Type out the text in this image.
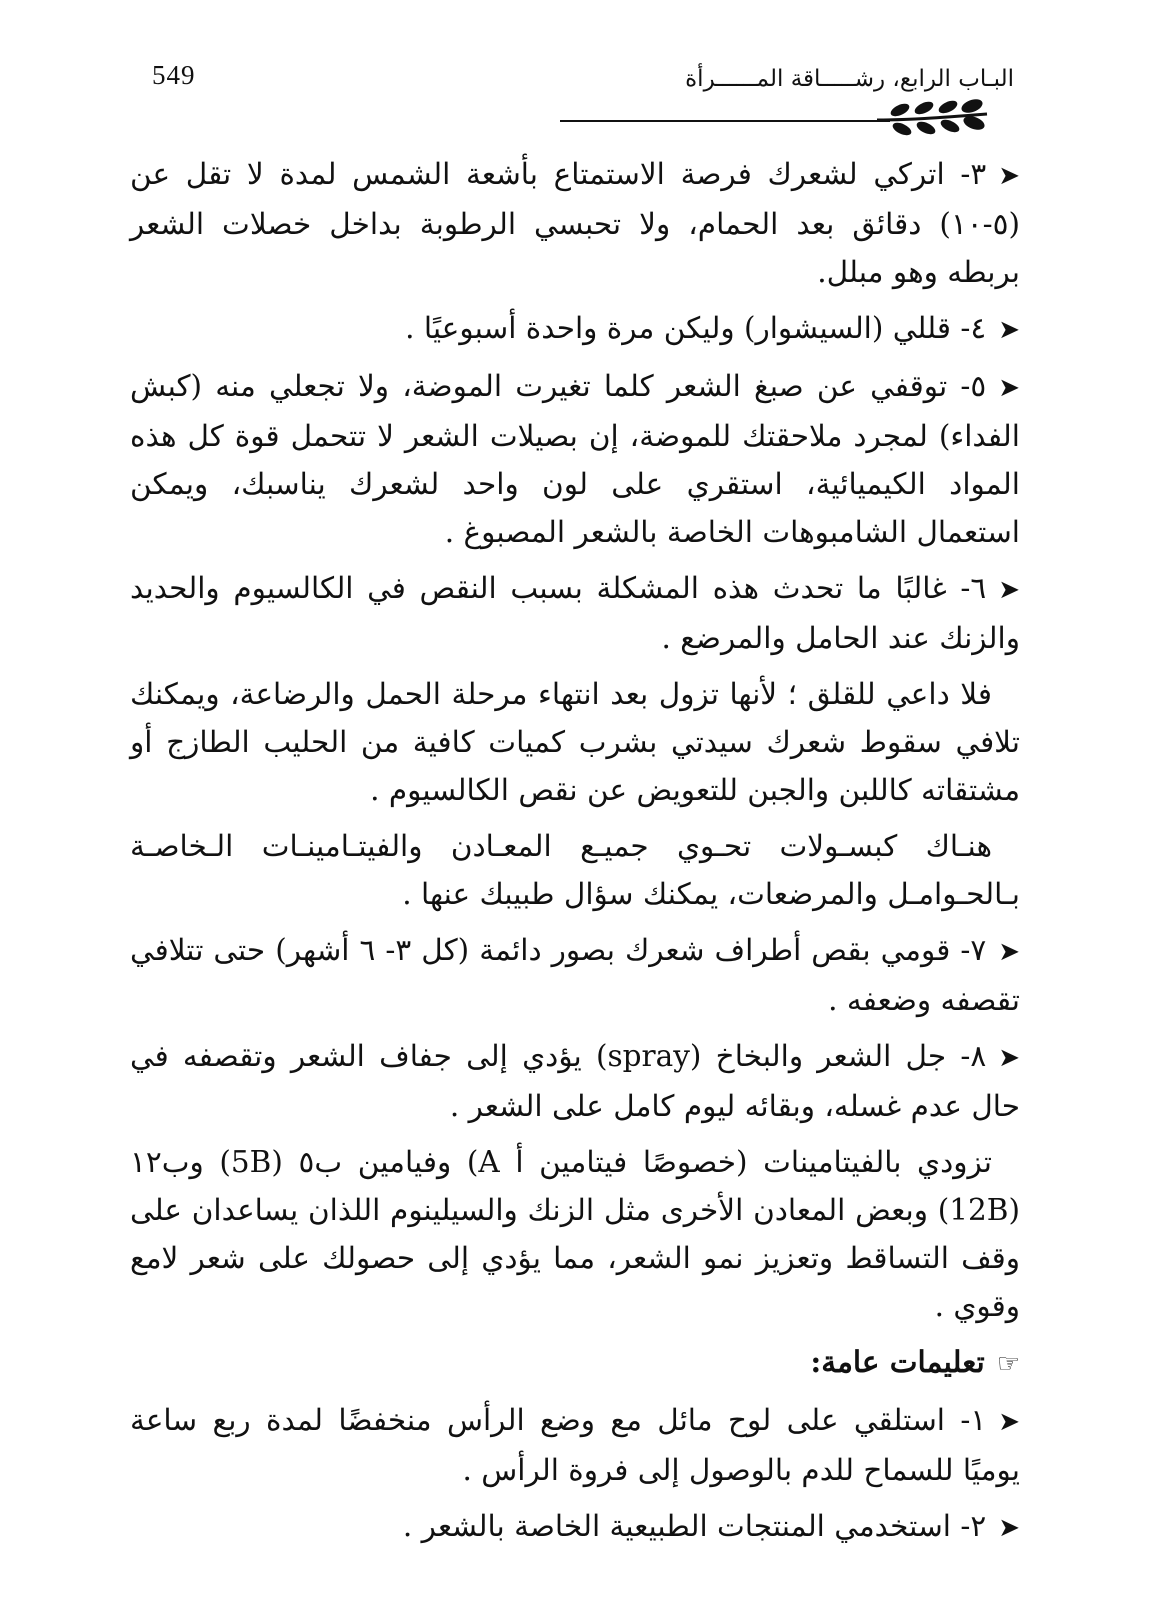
549	البـاب الرابع، رشـــــاقة المــــــرأة

➤٣- اتركي لشعرك فرصة الاستمتاع بأشعة الشمس لمدة لا تقل عن (٥-١٠) دقائق بعد الحمام، ولا تحبسي الرطوبة بداخل خصلات الشعر بربطه وهو مبلل.

➤٤- قللي (السيشوار) وليكن مرة واحدة أسبوعيًا .

➤٥- توقفي عن صبغ الشعر كلما تغيرت الموضة، ولا تجعلي منه (كبش الفداء) لمجرد ملاحقتك للموضة، إن بصيلات الشعر لا تتحمل قوة كل هذه المواد الكيميائية، استقري على لون واحد لشعرك يناسبك، ويمكن استعمال الشامبوهات الخاصة بالشعر المصبوغ .

➤٦- غالبًا ما تحدث هذه المشكلة بسبب النقص في الكالسيوم والحديد والزنك عند الحامل والمرضع .

فلا داعي للقلق ؛ لأنها تزول بعد انتهاء مرحلة الحمل والرضاعة، ويمكنك تلافي سقوط شعرك سيدتي بشرب كميات كافية من الحليب الطازج أو مشتقاته كاللبن والجبن للتعويض عن نقص الكالسيوم .

هنـاك كبسـولات تحـوي جميـع المعـادن والفيتـامينـات الـخاصـة بـالحـوامـل والمرضعات، يمكنك سؤال طبيبك عنها .

➤٧- قومي بقص أطراف شعرك بصور دائمة (كل ٣- ٦ أشهر) حتى تتلافي تقصفه وضعفه .

➤٨- جل الشعر والبخاخ (spray) يؤدي إلى جفاف الشعر وتقصفه في حال عدم غسله، وبقائه ليوم كامل على الشعر .

تزودي بالفيتامينات (خصوصًا فيتامين أ A) وفيامين ب٥ (5B) وب١٢ (12B) وبعض المعادن الأخرى مثل الزنك والسيلينوم اللذان يساعدان على وقف التساقط وتعزيز نمو الشعر، مما يؤدي إلى حصولك على شعر لامع وقوي .

☞تعليمات عامة:

➤١- استلقي على لوح مائل مع وضع الرأس منخفضًا لمدة ربع ساعة يوميًا للسماح للدم بالوصول إلى فروة الرأس .

➤٢- استخدمي المنتجات الطبيعية الخاصة بالشعر .
